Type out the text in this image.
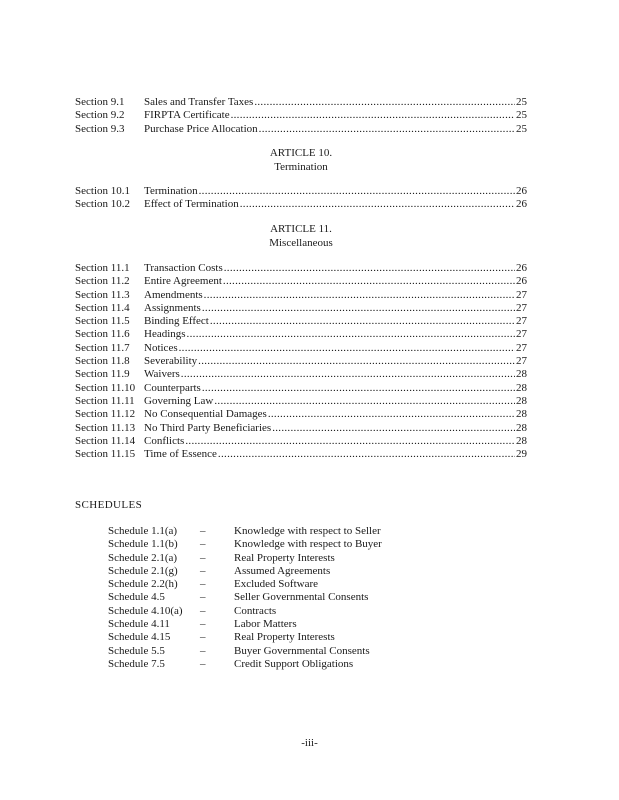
Section 9.1	Sales and Transfer Taxes .....	25
Section 9.2	FIRPTA Certificate .....	25
Section 9.3	Purchase Price Allocation .....	25
ARTICLE 10.
Termination
Section 10.1	Termination .....	26
Section 10.2	Effect of Termination .....	26
ARTICLE 11.
Miscellaneous
Section 11.1	Transaction Costs .....	26
Section 11.2	Entire Agreement .....	26
Section 11.3	Amendments .....	27
Section 11.4	Assignments .....	27
Section 11.5	Binding Effect .....	27
Section 11.6	Headings .....	27
Section 11.7	Notices .....	27
Section 11.8	Severability .....	27
Section 11.9	Waivers .....	28
Section 11.10 Counterparts .....	28
Section 11.11 Governing Law .....	28
Section 11.12 No Consequential Damages .....	28
Section 11.13 No Third Party Beneficiaries .....	28
Section 11.14 Conflicts .....	28
Section 11.15 Time of Essence .....	29
SCHEDULES
Schedule 1.1(a)	–	Knowledge with respect to Seller
Schedule 1.1(b)	–	Knowledge with respect to Buyer
Schedule 2.1(a)	–	Real Property Interests
Schedule 2.1(g)	–	Assumed Agreements
Schedule 2.2(h)	–	Excluded Software
Schedule 4.5	–	Seller Governmental Consents
Schedule 4.10(a)	–	Contracts
Schedule 4.11	–	Labor Matters
Schedule 4.15	–	Real Property Interests
Schedule 5.5	–	Buyer Governmental Consents
Schedule 7.5	–	Credit Support Obligations
-iii-
